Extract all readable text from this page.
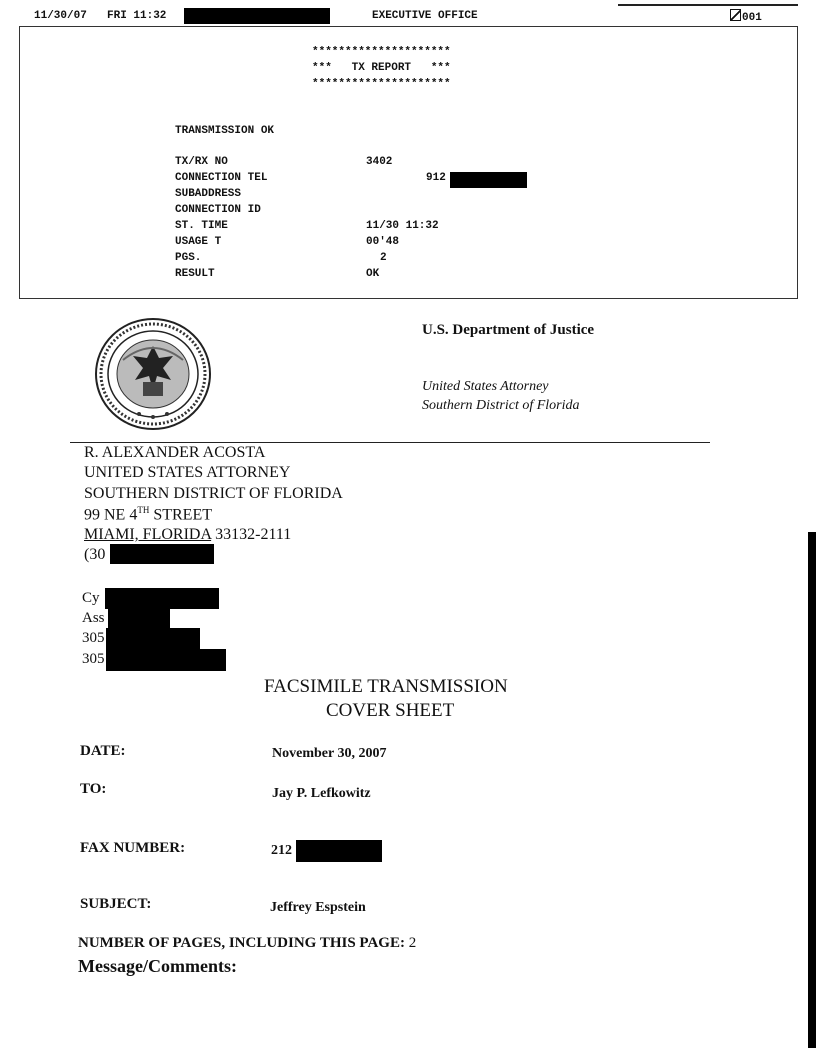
11/30/07 FRI 11:32	EXECUTIVE OFFICE	001
*********************
***   TX REPORT   ***
*********************
TRANSMISSION OK
TX/RX NO	3402
CONNECTION TEL	912
SUBADDRESS
CONNECTION ID
ST. TIME	11/30 11:32
USAGE T	00'48
PGS.	2
RESULT	OK
U.S. Department of Justice
United States Attorney
Southern District of Florida
R. ALEXANDER ACOSTA
UNITED STATES ATTORNEY
SOUTHERN DISTRICT OF FLORIDA
99 NE 4TH STREET
MIAMI, FLORIDA 33132-2111
(30
Cy
Ass
305
305
FACSIMILE TRANSMISSION
COVER SHEET
DATE:	November 30, 2007
TO:	Jay P. Lefkowitz
FAX NUMBER:	212
SUBJECT:	Jeffrey Espstein
NUMBER OF PAGES, INCLUDING THIS PAGE: 2
Message/Comments:
